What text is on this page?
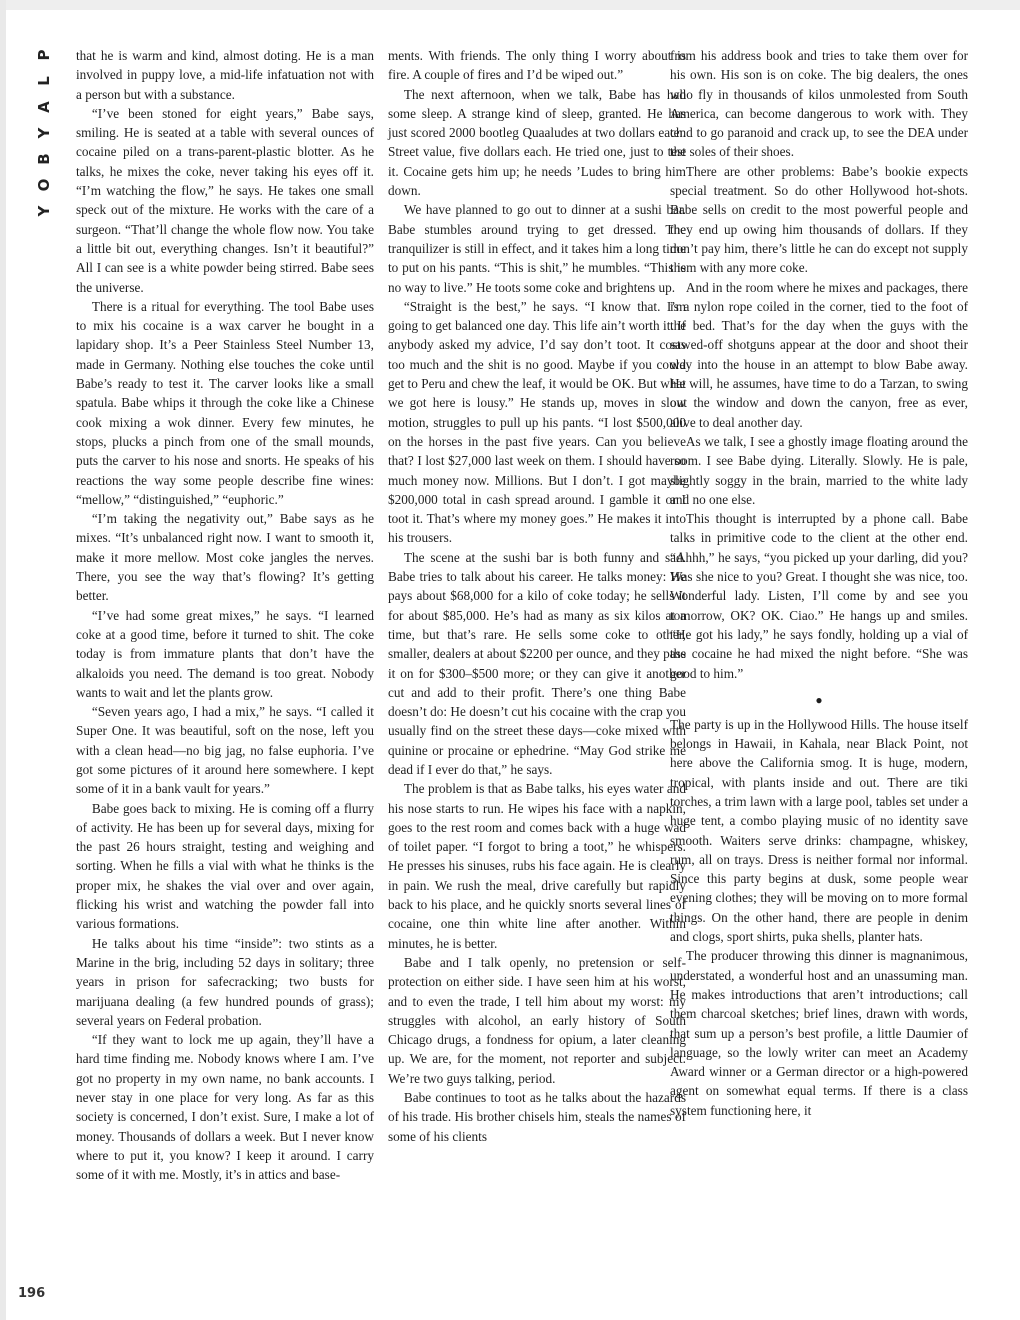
P
L
A
Y
B
O
Y

that he is warm and kind, almost doting. He is a man involved in puppy love, a mid-life infatuation not with a person but with a substance.

“I’ve been stoned for eight years,” Babe says, smiling. He is seated at a table with several ounces of cocaine piled on a trans-parent-plastic blotter. As he talks, he mixes the coke, never taking his eyes off it. “I’m watching the flow,” he says. He takes one small speck out of the mixture. He works with the care of a surgeon. “That’ll change the whole flow now. You take a little bit out, everything changes. Isn’t it beautiful?” All I can see is a white powder being stirred. Babe sees the universe.

There is a ritual for everything. The tool Babe uses to mix his cocaine is a wax carver he bought in a lapidary shop. It’s a Peer Stainless Steel Number 13, made in Germany. Nothing else touches the coke until Babe’s ready to test it. The carver looks like a small spatula. Babe whips it through the coke like a Chinese cook mixing a wok dinner. Every few minutes, he stops, plucks a pinch from one of the small mounds, puts the carver to his nose and snorts. He speaks of his reactions the way some people describe fine wines: “mellow,” “distinguished,” “euphoric.”

“I’m taking the negativity out,” Babe says as he mixes. “It’s unbalanced right now. I want to smooth it, make it more mellow. Most coke jangles the nerves. There, you see the way that’s flowing? It’s getting better.

“I’ve had some great mixes,” he says. “I learned coke at a good time, before it turned to shit. The coke today is from immature plants that don’t have the alkaloids you need. The demand is too great. Nobody wants to wait and let the plants grow.

“Seven years ago, I had a mix,” he says. “I called it Super One. It was beautiful, soft on the nose, left you with a clean head—no big jag, no false euphoria. I’ve got some pictures of it around here somewhere. I kept some of it in a bank vault for years.”

Babe goes back to mixing. He is coming off a flurry of activity. He has been up for several days, mixing for the past 26 hours straight, testing and weighing and sorting. When he fills a vial with what he thinks is the proper mix, he shakes the vial over and over again, flicking his wrist and watching the powder fall into various formations.

He talks about his time “inside”: two stints as a Marine in the brig, including 52 days in solitary; three years in prison for safecracking; two busts for marijuana dealing (a few hundred pounds of grass); several years on Federal probation.

“If they want to lock me up again, they’ll have a hard time finding me. Nobody knows where I am. I’ve got no property in my own name, no bank accounts. I never stay in one place for very long. As far as this society is concerned, I don’t exist. Sure, I make a lot of money. Thousands of dollars a week. But I never know where to put it, you know? I keep it around. I carry some of it with me. Mostly, it’s in attics and base-

ments. With friends. The only thing I worry about is fire. A couple of fires and I’d be wiped out.”

The next afternoon, when we talk, Babe has had some sleep. A strange kind of sleep, granted. He has just scored 2000 bootleg Quaaludes at two dollars each. Street value, five dollars each. He tried one, just to test it. Cocaine gets him up; he needs ’Ludes to bring him down.

We have planned to go out to dinner at a sushi bar. Babe stumbles around trying to get dressed. The tranquilizer is still in effect, and it takes him a long time to put on his pants. “This is shit,” he mumbles. “This is no way to live.” He toots some coke and brightens up.

“Straight is the best,” he says. “I know that. I’m going to get balanced one day. This life ain’t worth it. If anybody asked my advice, I’d say don’t toot. It costs too much and the shit is no good. Maybe if you could get to Peru and chew the leaf, it would be OK. But what we got here is lousy.” He stands up, moves in slow motion, struggles to pull up his pants. “I lost $500,000 on the horses in the past five years. Can you believe that? I lost $27,000 last week on them. I should have so much money now. Millions. But I don’t. I got maybe $200,000 total in cash spread around. I gamble it or I toot it. That’s where my money goes.” He makes it into his trousers.

The scene at the sushi bar is both funny and sad. Babe tries to talk about his career. He talks money: He pays about $68,000 for a kilo of coke today; he sells it for about $85,000. He’s had as many as six kilos at a time, but that’s rare. He sells some coke to other, smaller, dealers at about $2200 per ounce, and they pass it on for $300–$500 more; or they can give it another cut and add to their profit. There’s one thing Babe doesn’t do: He doesn’t cut his cocaine with the crap you usually find on the street these days—coke mixed with quinine or procaine or ephedrine. “May God strike me dead if I ever do that,” he says.

The problem is that as Babe talks, his eyes water and his nose starts to run. He wipes his face with a napkin, goes to the rest room and comes back with a huge wad of toilet paper. “I forgot to bring a toot,” he whispers. He presses his sinuses, rubs his face again. He is clearly in pain. We rush the meal, drive carefully but rapidly back to his place, and he quickly snorts several lines of cocaine, one thin white line after another. Within minutes, he is better.

Babe and I talk openly, no pretension or self-protection on either side. I have seen him at his worst, and to even the trade, I tell him about my worst: my struggles with alcohol, an early history of South Chicago drugs, a fondness for opium, a later cleaning up. We are, for the moment, not reporter and subject. We’re two guys talking, period.

Babe continues to toot as he talks about the hazards of his trade. His brother chisels him, steals the names of some of his clients

from his address book and tries to take them over for his own. His son is on coke. The big dealers, the ones who fly in thousands of kilos unmolested from South America, can become dangerous to work with. They tend to go paranoid and crack up, to see the DEA under the soles of their shoes.

There are other problems: Babe’s bookie expects special treatment. So do other Hollywood hot-shots. Babe sells on credit to the most powerful people and they end up owing him thousands of dollars. If they don’t pay him, there’s little he can do except not supply them with any more coke.

And in the room where he mixes and packages, there is a nylon rope coiled in the corner, tied to the foot of the bed. That’s for the day when the guys with the sawed-off shotguns appear at the door and shoot their way into the house in an attempt to blow Babe away. He will, he assumes, have time to do a Tarzan, to swing out the window and down the canyon, free as ever, alive to deal another day.

As we talk, I see a ghostly image floating around the room. I see Babe dying. Literally. Slowly. He is pale, slightly soggy in the brain, married to the white lady and no one else.

This thought is interrupted by a phone call. Babe talks in primitive code to the client at the other end. “Ahhh,” he says, “you picked up your darling, did you? Was she nice to you? Great. I thought she was nice, too. Wonderful lady. Listen, I’ll come by and see you tomorrow, OK? OK. Ciao.” He hangs up and smiles. “He got his lady,” he says fondly, holding up a vial of the cocaine he had mixed the night before. “She was good to him.”

●

The party is up in the Hollywood Hills. The house itself belongs in Hawaii, in Kahala, near Black Point, not here above the California smog. It is huge, modern, tropical, with plants inside and out. There are tiki torches, a trim lawn with a large pool, tables set under a huge tent, a combo playing music of no identity save smooth. Waiters serve drinks: champagne, whiskey, rum, all on trays. Dress is neither formal nor informal. Since this party begins at dusk, some people wear evening clothes; they will be moving on to more formal things. On the other hand, there are people in denim and clogs, sport shirts, puka shells, planter hats.

The producer throwing this dinner is magnanimous, understated, a wonderful host and an unassuming man. He makes introductions that aren’t introductions; call them charcoal sketches; brief lines, drawn with words, that sum up a person’s best profile, a little Daumier of language, so the lowly writer can meet an Academy Award winner or a German director or a high-powered agent on somewhat equal terms. If there is a class system functioning here, it

196
